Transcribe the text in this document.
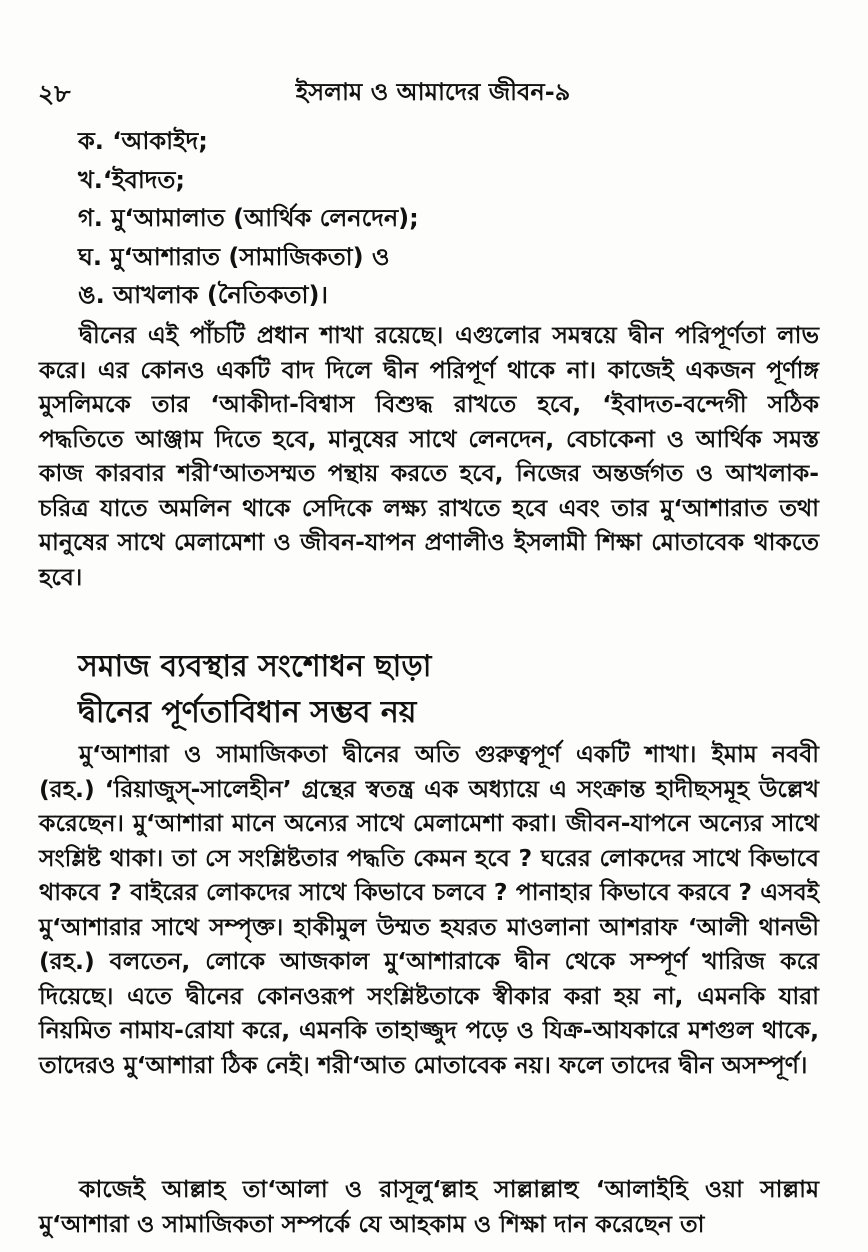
২৮	ইসলাম ও আমাদের জীবন-৯
ক. ‘আকাইদ;
খ.‘ইবাদত;
গ. মু‘আমালাত (আর্থিক লেনদেন);
ঘ. মু‘আশারাত (সামাজিকতা) ও
ঙ. আখলাক (নৈতিকতা)।

দ্বীনের এই পাঁচটি প্রধান শাখা রয়েছে। এগুলোর সমন্বয়ে দ্বীন পরিপূর্ণতা লাভ করে। এর কোনও একটি বাদ দিলে দ্বীন পরিপূর্ণ থাকে না। কাজেই একজন পূর্ণাঙ্গ মুসলিমকে তার ‘আকীদা-বিশ্বাস বিশুদ্ধ রাখতে হবে, ‘ইবাদত-বন্দেগী সঠিক পদ্ধতিতে আঞ্জাম দিতে হবে, মানুষের সাথে লেনদেন, বেচাকেনা ও আর্থিক সমস্ত কাজ কারবার শরী‘আতসম্মত পন্থায় করতে হবে, নিজের অন্তর্জগত ও আখলাক-চরিত্র যাতে অমলিন থাকে সেদিকে লক্ষ্য রাখতে হবে এবং তার মু‘আশারাত তথা মানুষের সাথে মেলামেশা ও জীবন-যাপন প্রণালীও ইসলামী শিক্ষা মোতাবেক থাকতে হবে।

সমাজ ব্যবস্থার সংশোধন ছাড়া
দ্বীনের পূর্ণতাবিধান সম্ভব নয়

মু‘আশারা ও সামাজিকতা দ্বীনের অতি গুরুত্বপূর্ণ একটি শাখা। ইমাম নববী (রহ.) ‘রিয়াজুস্-সালেহীন’ গ্রন্থের স্বতন্ত্র এক অধ্যায়ে এ সংক্রান্ত হাদীছসমূহ উল্লেখ করেছেন। মু‘আশারা মানে অন্যের সাথে মেলামেশা করা। জীবন-যাপনে অন্যের সাথে সংশ্লিষ্ট থাকা। তা সে সংশ্লিষ্টতার পদ্ধতি কেমন হবে ? ঘরের লোকদের সাথে কিভাবে থাকবে ? বাইরের লোকদের সাথে কিভাবে চলবে ? পানাহার কিভাবে করবে ? এসবই মু‘আশারার সাথে সম্পৃক্ত। হাকীমুল উম্মত হযরত মাওলানা আশরাফ ‘আলী থানভী (রহ.) বলতেন, লোকে আজকাল মু‘আশারাকে দ্বীন থেকে সম্পূর্ণ খারিজ করে দিয়েছে। এতে দ্বীনের কোনওরূপ সংশ্লিষ্টতাকে স্বীকার করা হয় না, এমনকি যারা নিয়মিত নামায-রোযা করে, এমনকি তাহাজ্জুদ পড়ে ও যিক্র-আযকারে মশগুল থাকে, তাদেরও মু‘আশারা ঠিক নেই। শরী‘আত মোতাবেক নয়। ফলে তাদের দ্বীন অসম্পূর্ণ।

কাজেই আল্লাহ তা‘আলা ও রাসূলু‘ল্লাহ সাল্লাল্লাহু ‘আলাইহি ওয়া সাল্লাম মু‘আশারা ও সামাজিকতা সম্পর্কে যে আহকাম ও শিক্ষা দান করেছেন তা
